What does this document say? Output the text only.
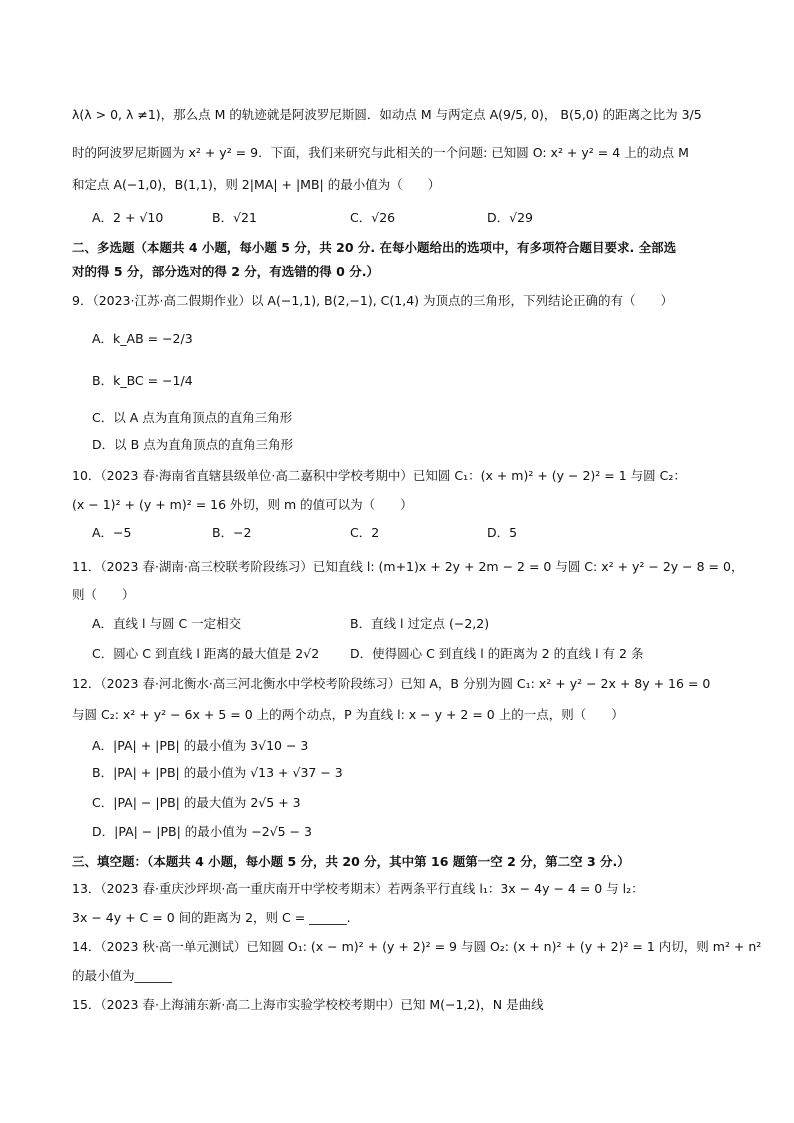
λ(λ > 0, λ ≠1)，那么点 M 的轨迹就是阿波罗尼斯圆．如动点 M 与两定点 A(9/5, 0)， B(5,0) 的距离之比为 3/5
时的阿波罗尼斯圆为 x² + y² = 9．下面，我们来研究与此相关的一个问题: 已知圆 O: x² + y² = 4 上的动点 M
和定点 A(−1,0)，B(1,1)，则 2|MA| + |MB| 的最小值为（　　）
A．2 + √10	B．√21	C．√26	D．√29
二、多选题（本题共 4 小题，每小题 5 分，共 20 分. 在每小题给出的选项中，有多项符合题目要求. 全部选
对的得 5 分，部分选对的得 2 分，有选错的得 0 分.）
9．（2023·江苏·高二假期作业）以 A(−1,1), B(2,−1), C(1,4) 为顶点的三角形，下列结论正确的有（　　）
A．k_AB = −2/3
B．k_BC = −1/4
C．以 A 点为直角顶点的直角三角形
D．以 B 点为直角顶点的直角三角形
10．（2023 春·海南省直辖县级单位·高二嘉积中学校考期中）已知圆 C₁：(x + m)² + (y − 2)² = 1 与圆 C₂：
(x − 1)² + (y + m)² = 16 外切，则 m 的值可以为（　　）
A．−5	B．−2	C．2	D．5
11．（2023 春·湖南·高三校联考阶段练习）已知直线 l: (m+1)x + 2y + 2m − 2 = 0 与圆 C: x² + y² − 2y − 8 = 0，
则（　　）
A．直线 l 与圆 C 一定相交	B．直线 l 过定点 (−2,2)
C．圆心 C 到直线 l 距离的最大值是 2√2 D．使得圆心 C 到直线 l 的距离为 2 的直线 l 有 2 条
12．（2023 春·河北衡水·高三河北衡水中学校考阶段练习）已知 A，B 分别为圆 C₁: x² + y² − 2x + 8y + 16 = 0
与圆 C₂: x² + y² − 6x + 5 = 0 上的两个动点，P 为直线 l: x − y + 2 = 0 上的一点，则（　　）
A．|PA| + |PB| 的最小值为 3√10 − 3
B．|PA| + |PB| 的最小值为 √13 + √37 − 3
C．|PA| − |PB| 的最大值为 2√5 + 3
D．|PA| − |PB| 的最小值为 −2√5 − 3
三、填空题：（本题共 4 小题，每小题 5 分，共 20 分，其中第 16 题第一空 2 分，第二空 3 分.）
13．（2023 春·重庆沙坪坝·高一重庆南开中学校考期末）若两条平行直线 l₁：3x − 4y − 4 = 0 与 l₂：
3x − 4y + C = 0 间的距离为 2，则 C = ______.
14．（2023 秋·高一单元测试）已知圆 O₁: (x − m)² + (y + 2)² = 9 与圆 O₂: (x + n)² + (y + 2)² = 1 内切，则 m² + n²
的最小值为______
15．（2023 春·上海浦东新·高二上海市实验学校校考期中）已知 M(−1,2)，N 是曲线
